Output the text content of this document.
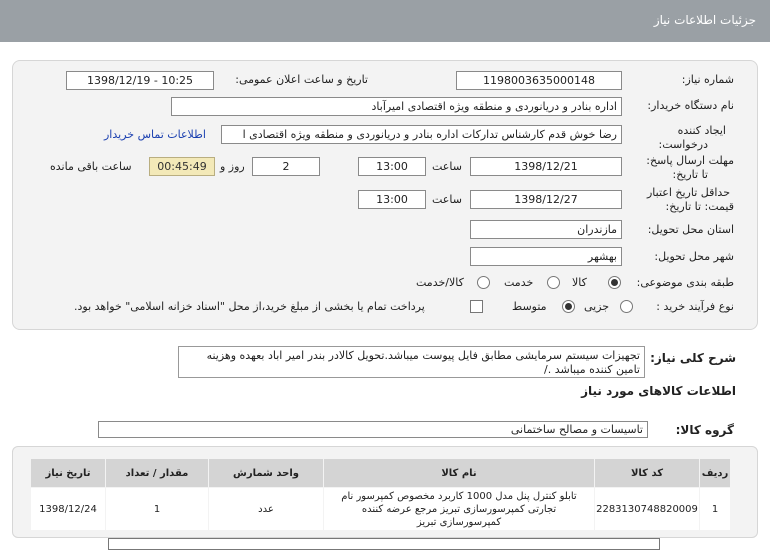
جزئیات اطلاعات نیاز
شماره نیاز:
1198003635000148
تاریخ و ساعت اعلان عمومی:
1398/12/19 - 10:25
نام دستگاه خریدار:
اداره بنادر و دریانوردی و منطقه ویژه اقتصادی امیرآباد
ایجاد کننده
درخواست:
رضا خوش قدم کارشناس تدارکات اداره بنادر و دریانوردی و منطقه ویژه اقتصادی ا
اطلاعات تماس خریدار
مهلت ارسال پاسخ:
تا تاریخ:
1398/12/21
ساعت
13:00
2
روز و
00:45:49
ساعت باقی مانده
حداقل تاریخ اعتبار
قیمت: تا تاریخ:
1398/12/27
ساعت
13:00
استان محل تحویل:
مازندران
شهر محل تحویل:
بهشهر
طبقه بندی موضوعی:
کالا
خدمت
کالا/خدمت
نوع فرآیند خرید :
جزیی
متوسط
پرداخت تمام یا بخشی از مبلغ خرید،از محل "اسناد خزانه اسلامی" خواهد بود.
شرح کلی نیاز:
تجهیزات سیستم سرمایشی مطابق فایل پیوست میباشد.تحویل کالادر بندر امیر اباد بعهده وهزینه تامین کننده میباشد ./
اطلاعات کالاهای مورد نیاز
گروه کالا:
تاسیسات و مصالح ساختمانی
ردیف	کد کالا	نام کالا	واحد شمارش	مقدار / تعداد	تاریخ نیاز
1	2283130748820009	تابلو کنترل پنل مدل 1000 کاربرد مخصوص کمپرسور نام تجارتی کمپرسورسازی تبریز مرجع عرضه کننده کمپرسورسازی تبریز	عدد	1	1398/12/24
